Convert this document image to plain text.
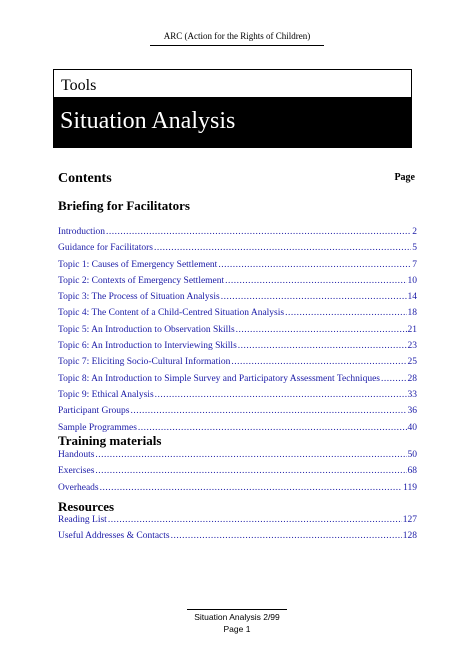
ARC (Action for the Rights of Children)
Tools
Situation Analysis
Contents	Page
Briefing for Facilitators
Introduction .....	2
Guidance for Facilitators .....	5
Topic 1: Causes of Emergency Settlement .....	7
Topic 2: Contexts of Emergency Settlement .....	10
Topic 3: The Process of Situation Analysis .....	14
Topic 4: The Content of a Child-Centred Situation Analysis .....	18
Topic 5: An Introduction to Observation Skills .....	21
Topic 6: An Introduction to Interviewing Skills .....	23
Topic 7: Eliciting Socio-Cultural Information .....	25
Topic 8: An Introduction to Simple Survey and Participatory Assessment Techniques .....	28
Topic 9: Ethical Analysis .....	33
Participant Groups .....	36
Sample Programmes .....	40
Training materials
Handouts .....	50
Exercises .....	68
Overheads .....	119
Resources
Reading List .....	127
Useful Addresses & Contacts .....	128
Situation Analysis 2/99
Page 1
